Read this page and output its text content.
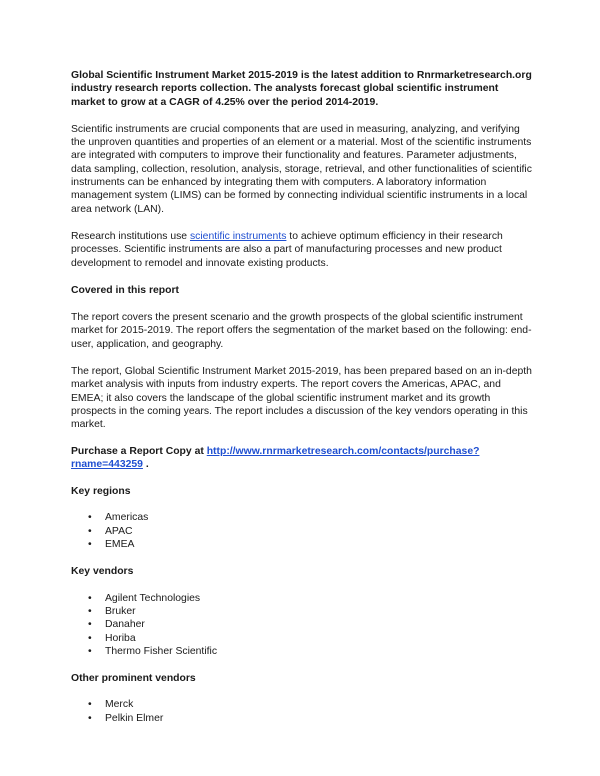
Global Scientific Instrument Market 2015-2019 is the latest addition to Rnrmarketresearch.org industry research reports collection. The analysts forecast global scientific instrument market to grow at a CAGR of 4.25% over the period 2014-2019.

Scientific instruments are crucial components that are used in measuring, analyzing, and verifying the unproven quantities and properties of an element or a material. Most of the scientific instruments are integrated with computers to improve their functionality and features. Parameter adjustments, data sampling, collection, resolution, analysis, storage, retrieval, and other functionalities of scientific instruments can be enhanced by integrating them with computers. A laboratory information management system (LIMS) can be formed by connecting individual scientific instruments in a local area network (LAN).

Research institutions use scientific instruments to achieve optimum efficiency in their research processes. Scientific instruments are also a part of manufacturing processes and new product development to remodel and innovate existing products.

Covered in this report

The report covers the present scenario and the growth prospects of the global scientific instrument market for 2015-2019. The report offers the segmentation of the market based on the following: end-user, application, and geography.

The report, Global Scientific Instrument Market 2015-2019, has been prepared based on an in-depth market analysis with inputs from industry experts. The report covers the Americas, APAC, and EMEA; it also covers the landscape of the global scientific instrument market and its growth prospects in the coming years. The report includes a discussion of the key vendors operating in this market.

Purchase a Report Copy at http://www.rnrmarketresearch.com/contacts/purchase?rname=443259 .

Key regions

• Americas
• APAC
• EMEA

Key vendors

• Agilent Technologies
• Bruker
• Danaher
• Horiba
• Thermo Fisher Scientific

Other prominent vendors

• Merck
• Pelkin Elmer
